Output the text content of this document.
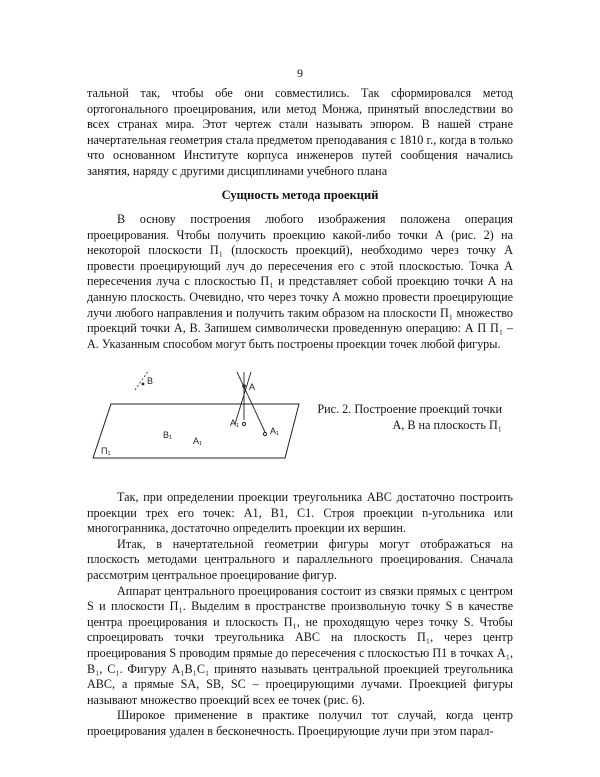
9

тальной так, чтобы обе они совместились. Так сформировался метод ортогонального проецирования, или метод Монжа, принятый впоследствии во всех странах мира. Этот чертеж стали называть эпюром. В нашей стране начертательная геометрия стала предметом преподавания с 1810 г., когда в только что основанном Институте корпуса инженеров путей сообщения начались занятия, наряду с другими дисциплинами учебного плана

Сущность метода проекций

В основу построения любого изображения положена операция проецирования. Чтобы получить проекцию какой-либо точки А (рис. 2) на некоторой плоскости П₁ (плоскость проекций), необходимо через точку А провести проецирующий луч до пересечения его с этой плоскостью. Точка А пересечения луча с плоскостью П₁ и представляет собой проекцию точки А на данную плоскость. Очевидно, что через точку А можно провести проецирующие лучи любого направления и получить таким образом на плоскости П₁ множество проекций точки А, В. Запишем символически проведенную операцию: А П П₁ – А. Указанным способом могут быть построены проекции точек любой фигуры.

A
A₁
A₁
B
B₁
A₁
П₁
Рис. 2. Построение проекций точки А, В на плоскость П₁

Так, при определении проекции треугольника АВС достаточно построить проекции трех его точек: А1, В1, С1. Строя проекции n-угольника или многогранника, достаточно определить проекции их вершин.

Итак, в начертательной геометрии фигуры могут отображаться на плоскость методами центрального и параллельного проецирования. Сначала рассмотрим центральное проецирование фигур.

Аппарат центрального проецирования состоит из связки прямых с центром S и плоскости П₁. Выделим в пространстве произвольную точку S в качестве центра проецирования и плоскость П₁, не проходящую через точку S. Чтобы спроецировать точки треугольника АВС на плоскость П₁, через центр проецирования S проводим прямые до пересечения с плоскостью П1 в точках А₁, В₁, С₁. Фигуру А₁В₁С₁ принято называть центральной проекцией треугольника АВС, а прямые SA, SB, SC – проецирующими лучами. Проекцией фигуры называют множество проекций всех ее точек (рис. 6).

Широкое применение в практике получил тот случай, когда центр проецирования удален в бесконечность. Проецирующие лучи при этом парал-
